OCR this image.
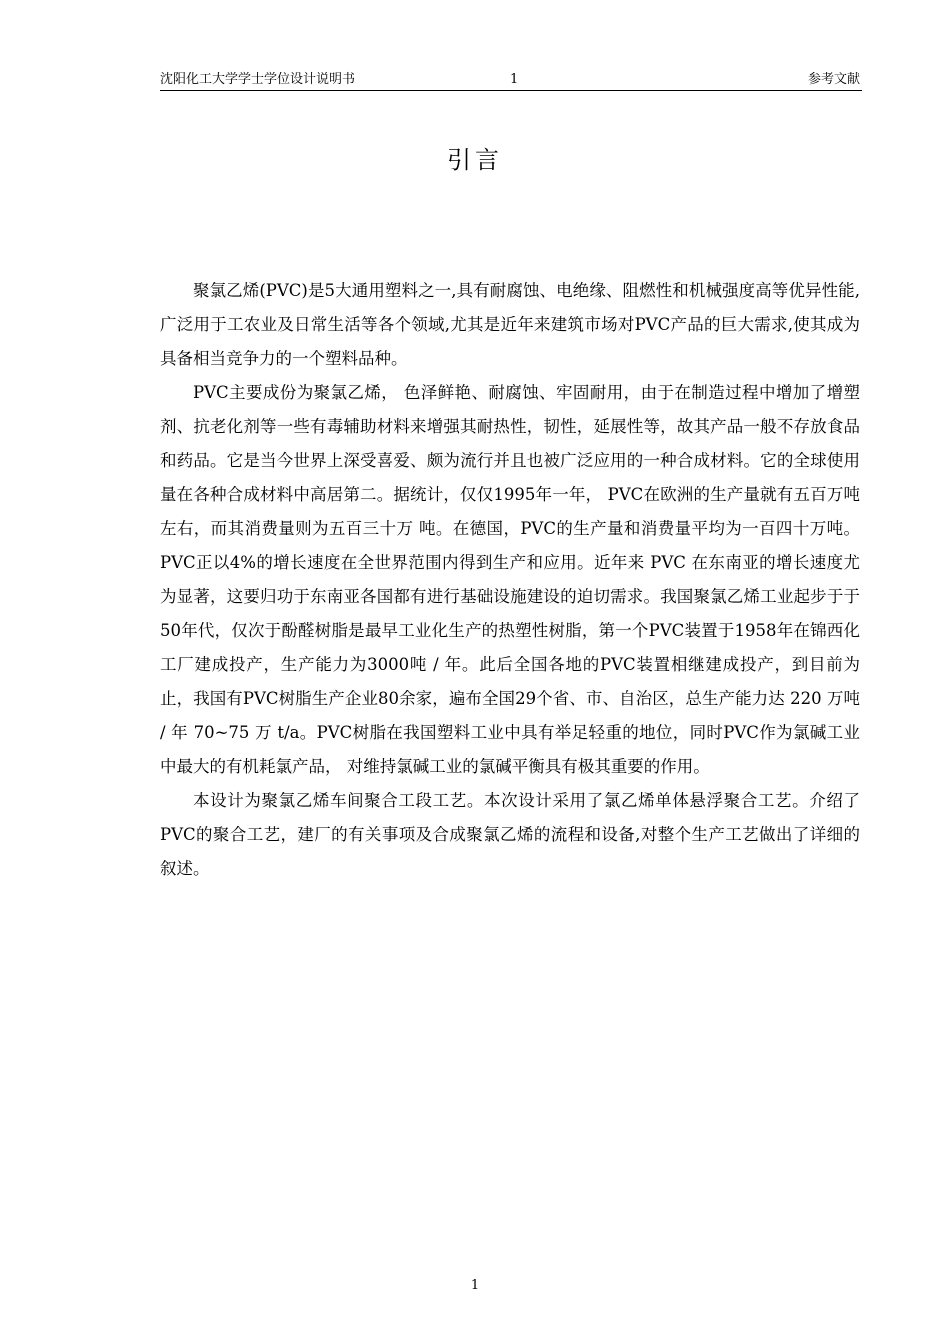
沈阳化工大学学士学位设计说明书	1	参考文献
引言

聚氯乙烯(PVC)是5大通用塑料之一,具有耐腐蚀、电绝缘、阻燃性和机械强度高等优异性能,广泛用于工农业及日常生活等各个领域,尤其是近年来建筑市场对PVC产品的巨大需求,使其成为具备相当竞争力的一个塑料品种。

PVC主要成份为聚氯乙烯， 色泽鲜艳、耐腐蚀、牢固耐用，由于在制造过程中增加了增塑剂、抗老化剂等一些有毒辅助材料来增强其耐热性，韧性，延展性等，故其产品一般不存放食品和药品。它是当今世界上深受喜爱、颇为流行并且也被广泛应用的一种合成材料。它的全球使用量在各种合成材料中高居第二。据统计，仅仅1995年一年， PVC在欧洲的生产量就有五百万吨左右，而其消费量则为五百三十万 吨。在德国，PVC的生产量和消费量平均为一百四十万吨。PVC正以4%的增长速度在全世界范围内得到生产和应用。近年来 PVC 在东南亚的增长速度尤为显著，这要归功于东南亚各国都有进行基础设施建设的迫切需求。我国聚氯乙烯工业起步于于50年代，仅次于酚醛树脂是最早工业化生产的热塑性树脂，第一个PVC装置于1958年在锦西化工厂建成投产，生产能力为3000吨 / 年。此后全国各地的PVC装置相继建成投产，到目前为止，我国有PVC树脂生产企业80余家，遍布全国29个省、市、自治区，总生产能力达 220 万吨 / 年 70~75 万 t/a。PVC树脂在我国塑料工业中具有举足轻重的地位，同时PVC作为氯碱工业中最大的有机耗氯产品， 对维持氯碱工业的氯碱平衡具有极其重要的作用。

本设计为聚氯乙烯车间聚合工段工艺。本次设计采用了氯乙烯单体悬浮聚合工艺。介绍了PVC的聚合工艺，建厂的有关事项及合成聚氯乙烯的流程和设备,对整个生产工艺做出了详细的叙述。

1
